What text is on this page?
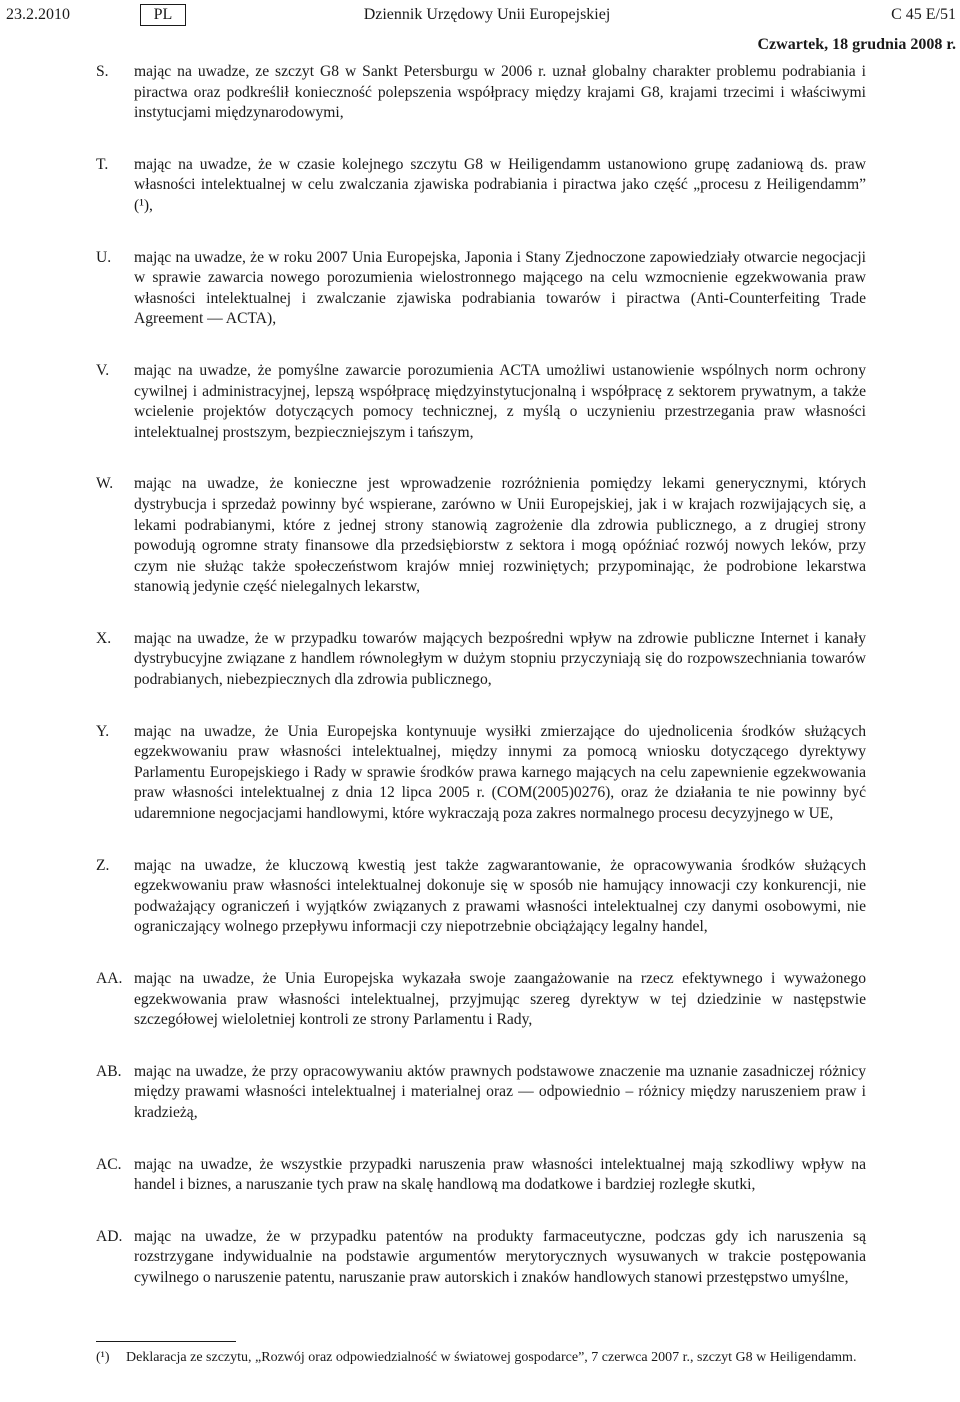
23.2.2010	Dziennik Urzędowy Unii Europejskiej
PL	C 45 E/51
Czwartek, 18 grudnia 2008 r.
S. mając na uwadze, ze szczyt G8 w Sankt Petersburgu w 2006 r. uznał globalny charakter problemu podrabiania i piractwa oraz podkreślił konieczność polepszenia współpracy między krajami G8, krajami trzecimi i właściwymi instytucjami międzynarodowymi,
T. mając na uwadze, że w czasie kolejnego szczytu G8 w Heiligendamm ustanowiono grupę zadaniową ds. praw własności intelektualnej w celu zwalczania zjawiska podrabiania i piractwa jako część „procesu z Heiligendamm” (¹),
U. mając na uwadze, że w roku 2007 Unia Europejska, Japonia i Stany Zjednoczone zapowiedziały otwarcie negocjacji w sprawie zawarcia nowego porozumienia wielostronnego mającego na celu wzmocnienie egzekwowania praw własności intelektualnej i zwalczanie zjawiska podrabiania towarów i piractwa (Anti-Counterfeiting Trade Agreement — ACTA),
V. mając na uwadze, że pomyślne zawarcie porozumienia ACTA umożliwi ustanowienie wspólnych norm ochrony cywilnej i administracyjnej, lepszą współpracę międzyinstytucjonalną i współpracę z sektorem prywatnym, a także wcielenie projektów dotyczących pomocy technicznej, z myślą o uczynieniu przestrzegania praw własności intelektualnej prostszym, bezpieczniejszym i tańszym,
W. mając na uwadze, że konieczne jest wprowadzenie rozróżnienia pomiędzy lekami generycznymi, których dystrybucja i sprzedaż powinny być wspierane, zarówno w Unii Europejskiej, jak i w krajach rozwijających się, a lekami podrabianymi, które z jednej strony stanowią zagrożenie dla zdrowia publicznego, a z drugiej strony powodują ogromne straty finansowe dla przedsiębiorstw z sektora i mogą opóźniać rozwój nowych leków, przy czym nie służąc także społeczeństwom krajów mniej rozwiniętych; przypominając, że podrobione lekarstwa stanowią jedynie część nielegalnych lekarstw,
X. mając na uwadze, że w przypadku towarów mających bezpośredni wpływ na zdrowie publiczne Internet i kanały dystrybucyjne związane z handlem równoległym w dużym stopniu przyczyniają się do rozpowszechniania towarów podrabianych, niebezpiecznych dla zdrowia publicznego,
Y. mając na uwadze, że Unia Europejska kontynuuje wysiłki zmierzające do ujednolicenia środków służących egzekwowaniu praw własności intelektualnej, między innymi za pomocą wniosku dotyczącego dyrektywy Parlamentu Europejskiego i Rady w sprawie środków prawa karnego mających na celu zapewnienie egzekwowania praw własności intelektualnej z dnia 12 lipca 2005 r. (COM(2005)0276), oraz że działania te nie powinny być udaremnione negocjacjami handlowymi, które wykraczają poza zakres normalnego procesu decyzyjnego w UE,
Z. mając na uwadze, że kluczową kwestią jest także zagwarantowanie, że opracowywania środków służących egzekwowaniu praw własności intelektualnej dokonuje się w sposób nie hamujący innowacji czy konkurencji, nie podważający ograniczeń i wyjątków związanych z prawami własności intelektualnej czy danymi osobowymi, nie ograniczający wolnego przepływu informacji czy niepotrzebnie obciążający legalny handel,
AA. mając na uwadze, że Unia Europejska wykazała swoje zaangażowanie na rzecz efektywnego i wyważonego egzekwowania praw własności intelektualnej, przyjmując szereg dyrektyw w tej dziedzinie w następstwie szczegółowej wieloletniej kontroli ze strony Parlamentu i Rady,
AB. mając na uwadze, że przy opracowywaniu aktów prawnych podstawowe znaczenie ma uznanie zasadniczej różnicy między prawami własności intelektualnej i materialnej oraz — odpowiednio – różnicy między naruszeniem praw i kradzieżą,
AC. mając na uwadze, że wszystkie przypadki naruszenia praw własności intelektualnej mają szkodliwy wpływ na handel i biznes, a naruszanie tych praw na skalę handlową ma dodatkowe i bardziej rozległe skutki,
AD. mając na uwadze, że w przypadku patentów na produkty farmaceutyczne, podczas gdy ich naruszenia są rozstrzygane indywidualnie na podstawie argumentów merytorycznych wysuwanych w trakcie postępowania cywilnego o naruszenie patentu, naruszanie praw autorskich i znaków handlowych stanowi przestępstwo umyślne,
(¹) Deklaracja ze szczytu, „Rozwój oraz odpowiedzialność w światowej gospodarce”, 7 czerwca 2007 r., szczyt G8 w Heiligendamm.
